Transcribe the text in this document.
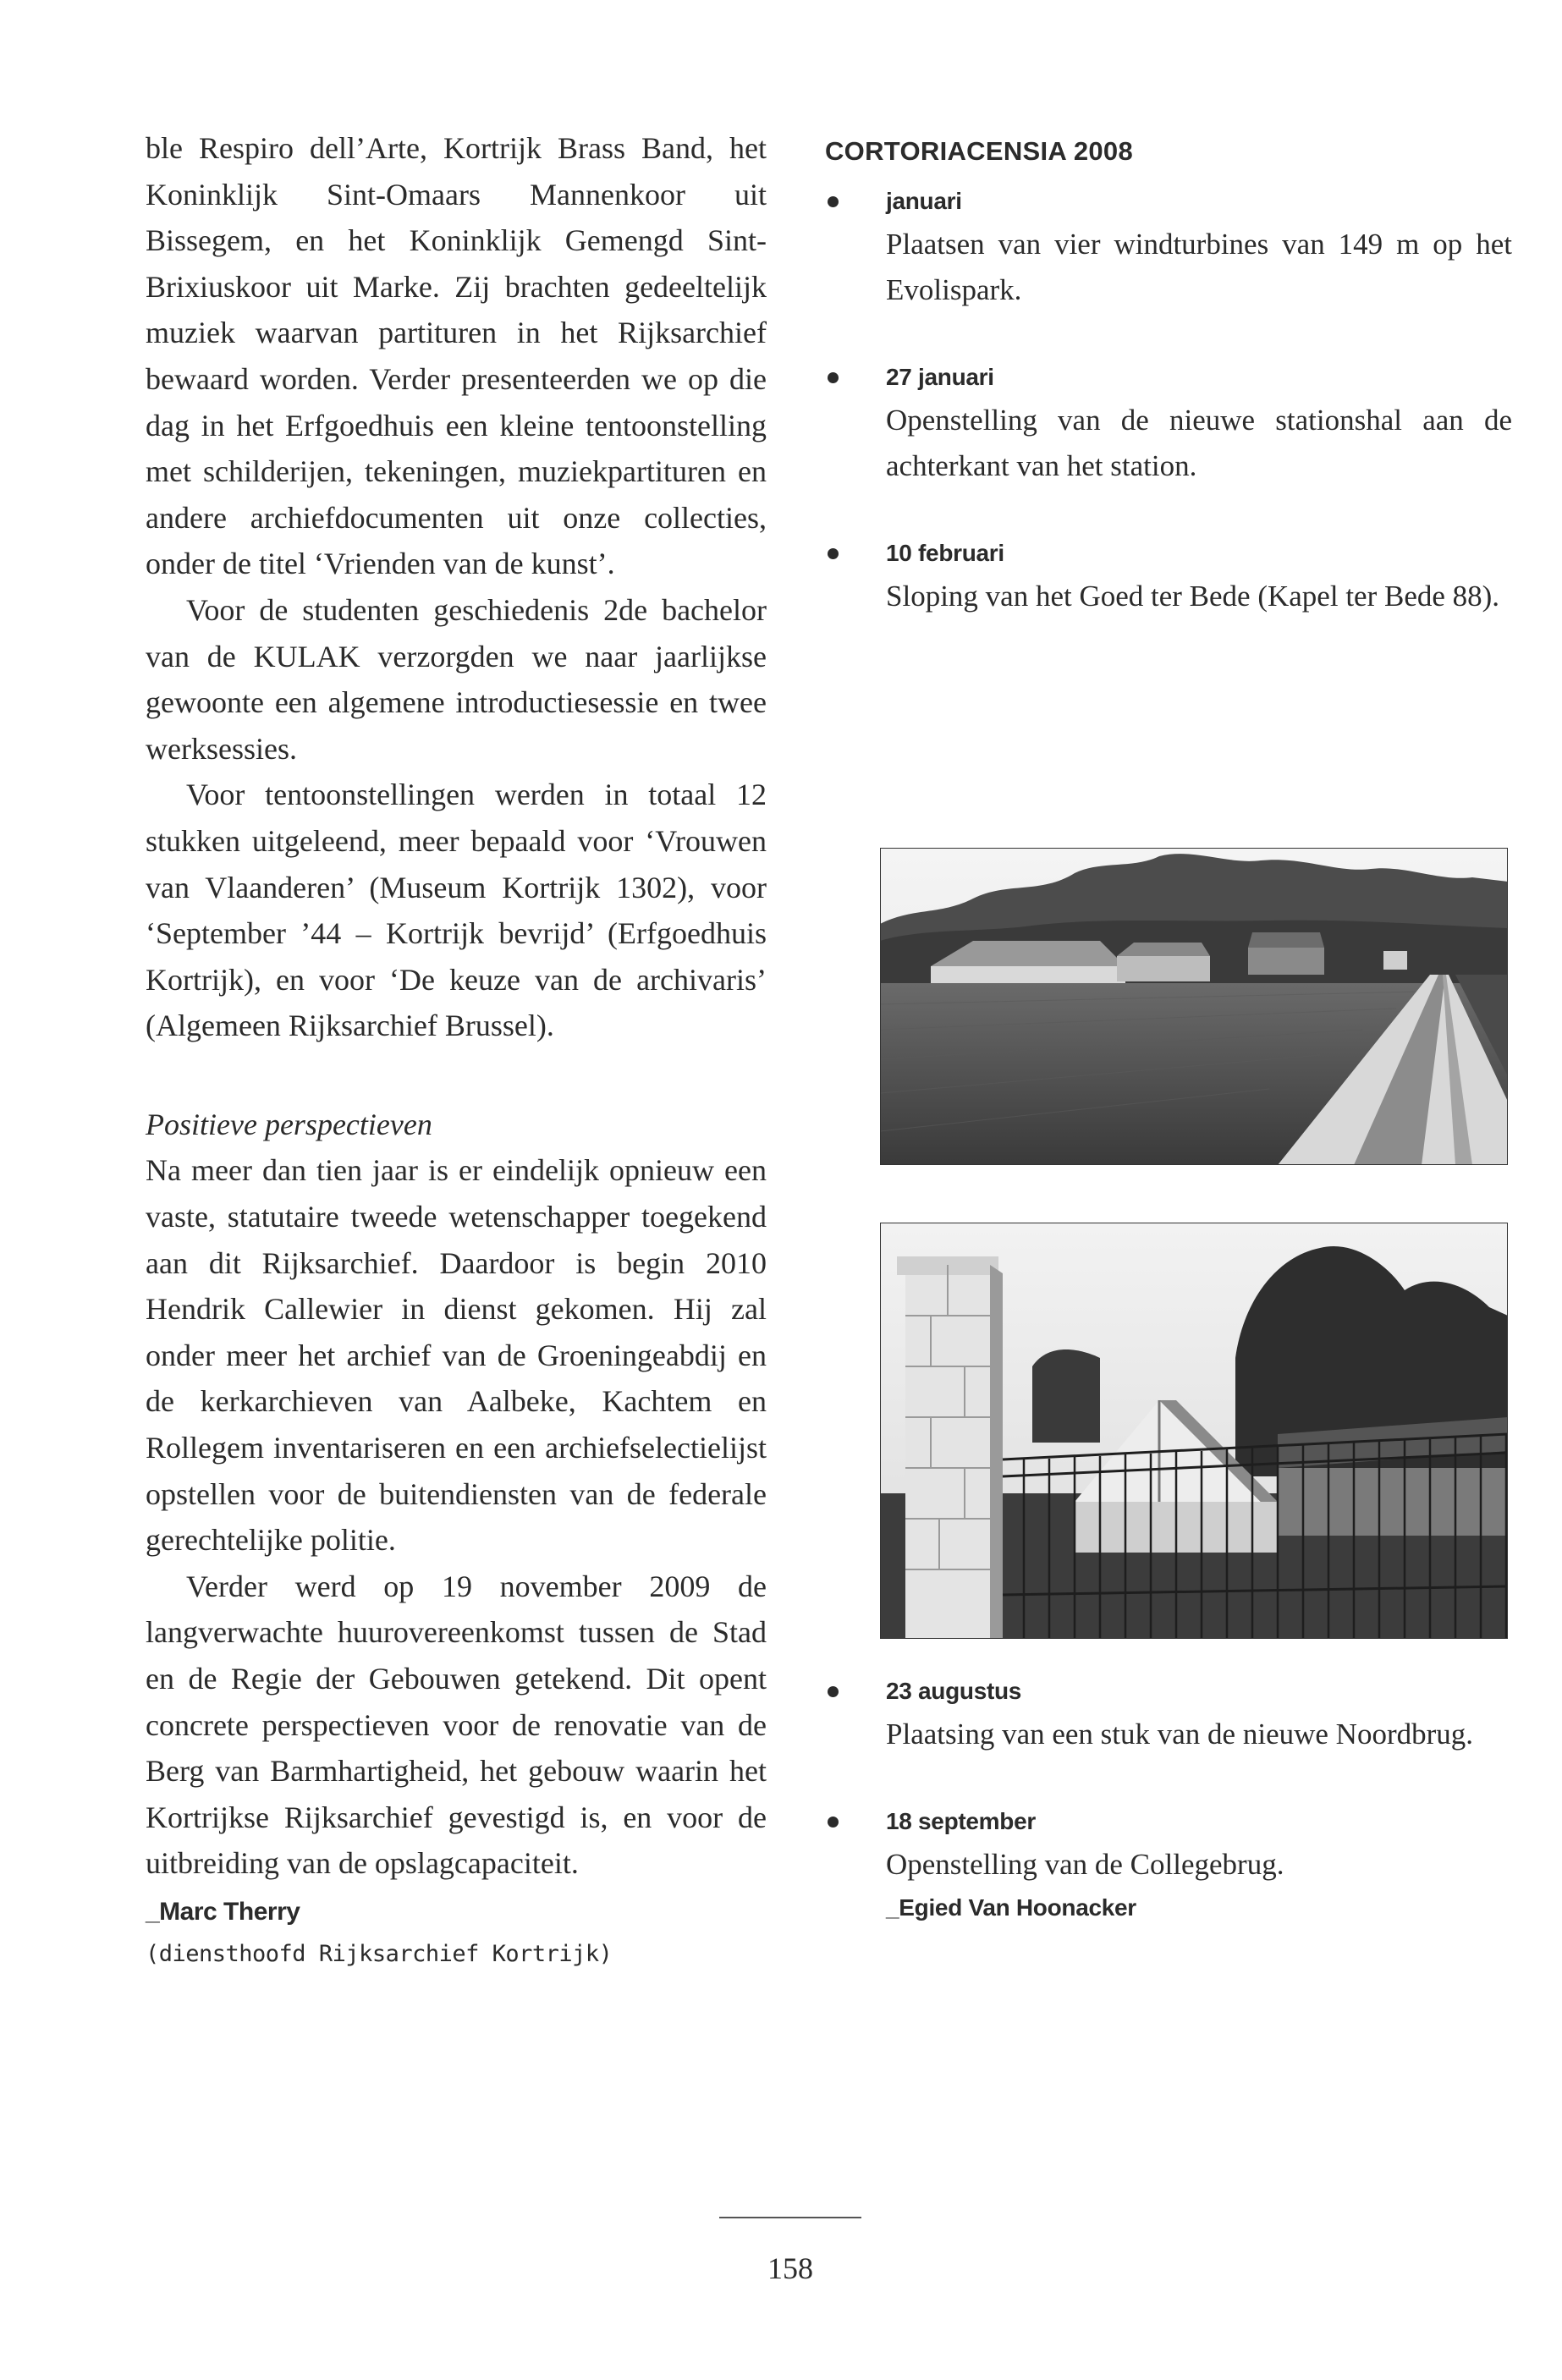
ble Respiro dell’Arte, Kortrijk Brass Band, het Koninklijk Sint-Omaars Mannenkoor uit Bissegem, en het Koninklijk Gemengd Sint-Brixiuskoor uit Marke. Zij brachten gedeeltelijk muziek waarvan partituren in het Rijksarchief bewaard worden. Verder presenteerden we op die dag in het Erfgoedhuis een kleine tentoonstelling met schilderijen, tekeningen, muziekpartituren en andere archiefdocumenten uit onze collecties, onder de titel ‘Vrienden van de kunst’.

Voor de studenten geschiedenis 2de bachelor van de KULAK verzorgden we naar jaarlijkse gewoonte een algemene introductiesessie en twee werksessies.

Voor tentoonstellingen werden in totaal 12 stukken uitgeleend, meer bepaald voor ‘Vrouwen van Vlaanderen’ (Museum Kortrijk 1302), voor ‘September ’44 – Kortrijk bevrijd’ (Erfgoedhuis Kortrijk), en voor ‘De keuze van de archivaris’ (Algemeen Rijksarchief Brussel).

Positieve perspectieven

Na meer dan tien jaar is er eindelijk opnieuw een vaste, statutaire tweede wetenschapper toegekend aan dit Rijksarchief. Daardoor is begin 2010 Hendrik Callewier in dienst gekomen. Hij zal onder meer het archief van de Groeningeabdij en de kerkarchieven van Aalbeke, Kachtem en Rollegem inventariseren en een archiefselectielijst opstellen voor de buitendiensten van de federale gerechtelijke politie.

Verder werd op 19 november 2009 de langverwachte huurovereenkomst tussen de Stad en de Regie der Gebouwen getekend. Dit opent concrete perspectieven voor de renovatie van de Berg van Barmhartigheid, het gebouw waarin het Kortrijkse Rijksarchief gevestigd is, en voor de uitbreiding van de opslagcapaciteit.

_Marc Therry
(diensthoofd Rijksarchief Kortrijk)
CORTORIACENSIA 2008
januari
Plaatsen van vier windturbines van 149 m op het Evolispark.
27 januari
Openstelling van de nieuwe stationshal aan de achterkant van het station.
10 februari
Sloping van het Goed ter Bede (Kapel ter Bede 88).
23 augustus
Plaatsing van een stuk van de nieuwe Noordbrug.
18 september
Openstelling van de Collegebrug.
_Egied Van Hoonacker
158
